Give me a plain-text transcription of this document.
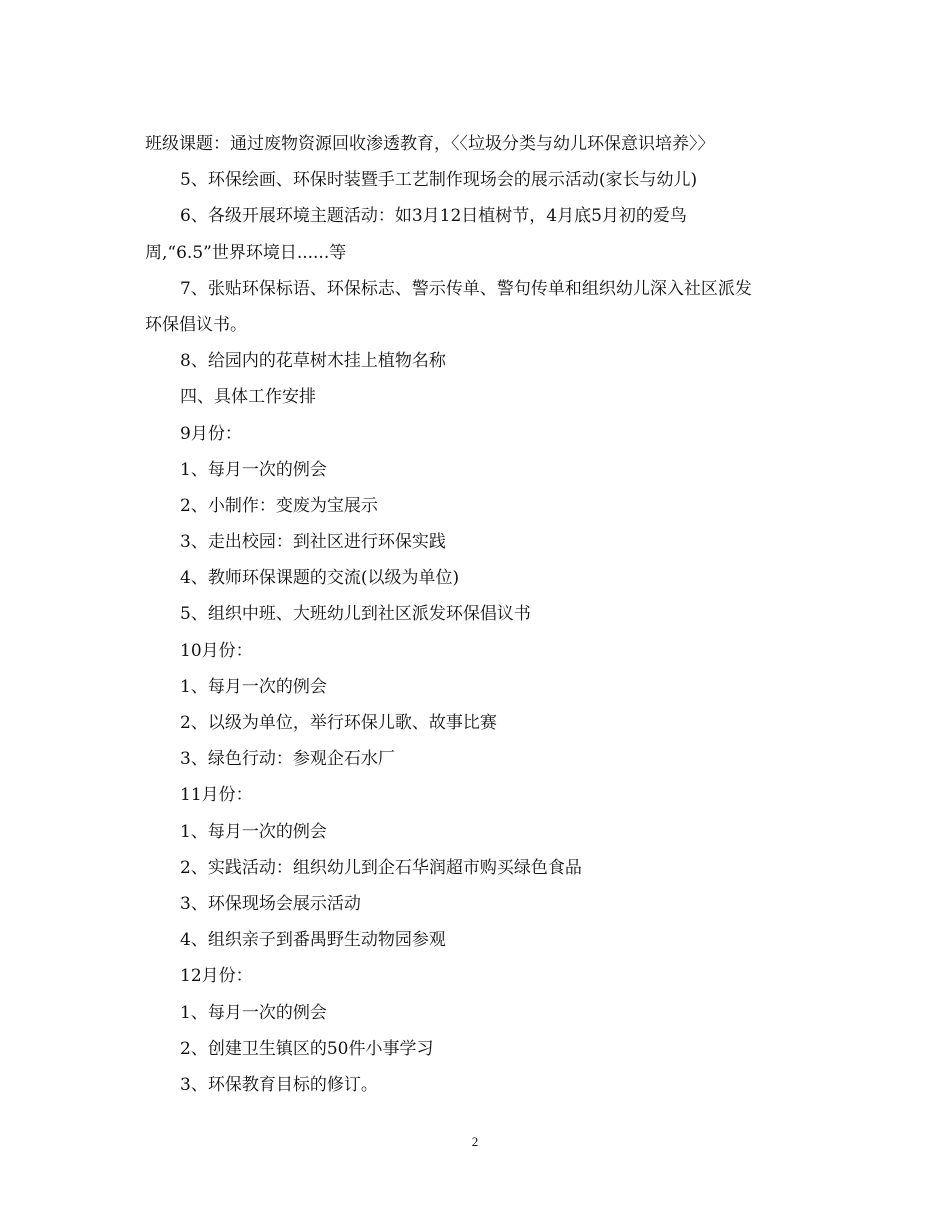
班级课题：通过废物资源回收渗透教育，〈〈垃圾分类与幼儿环保意识培养〉〉
5、环保绘画、环保时装暨手工艺制作现场会的展示活动(家长与幼儿)
6、各级开展环境主题活动：如3月12日植树节，4月底5月初的爱鸟
周,“6.5”世界环境日......等
7、张贴环保标语、环保标志、警示传单、警句传单和组织幼儿深入社区派发
环保倡议书。
8、给园内的花草树木挂上植物名称
四、具体工作安排
9月份：
1、每月一次的例会
2、小制作：变废为宝展示
3、走出校园：到社区进行环保实践
4、教师环保课题的交流(以级为单位)
5、组织中班、大班幼儿到社区派发环保倡议书
10月份：
1、每月一次的例会
2、以级为单位，举行环保儿歌、故事比赛
3、绿色行动：参观企石水厂
11月份：
1、每月一次的例会
2、实践活动：组织幼儿到企石华润超市购买绿色食品
3、环保现场会展示活动
4、组织亲子到番禺野生动物园参观
12月份：
1、每月一次的例会
2、创建卫生镇区的50件小事学习
3、环保教育目标的修订。
2
